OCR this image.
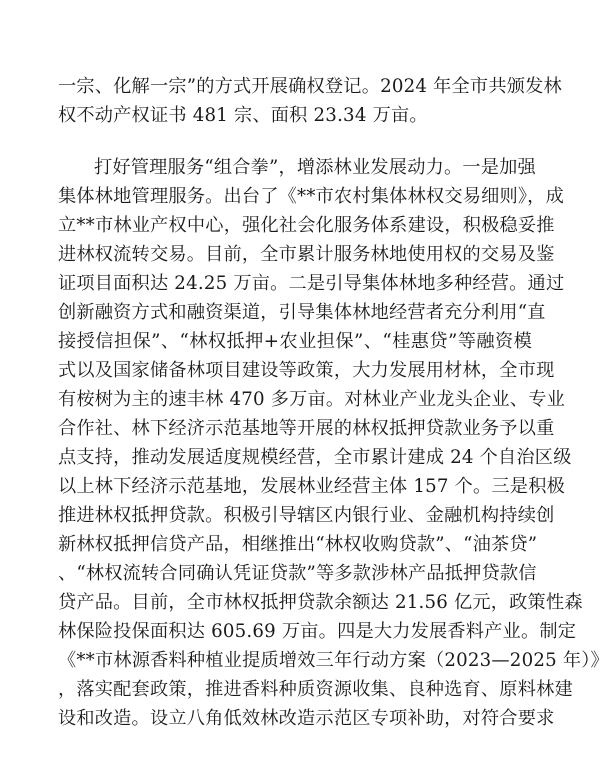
一宗、化解一宗”的方式开展确权登记。2024 年全市共颁发林
权不动产权证书 481 宗、面积 23.34 万亩。
打好管理服务“组合拳”，增添林业发展动力。一是加强
集体林地管理服务。出台了《**市农村集体林权交易细则》，成
立**市林业产权中心，强化社会化服务体系建设，积极稳妥推
进林权流转交易。目前，全市累计服务林地使用权的交易及鉴
证项目面积达 24.25 万亩。二是引导集体林地多种经营。通过
创新融资方式和融资渠道，引导集体林地经营者充分利用“直
接授信担保”、“林权抵押+农业担保”、“桂惠贷”等融资模
式以及国家储备林项目建设等政策，大力发展用材林，全市现
有桉树为主的速丰林 470 多万亩。对林业产业龙头企业、专业
合作社、林下经济示范基地等开展的林权抵押贷款业务予以重
点支持，推动发展适度规模经营，全市累计建成 24 个自治区级
以上林下经济示范基地，发展林业经营主体 157 个。三是积极
推进林权抵押贷款。积极引导辖区内银行业、金融机构持续创
新林权抵押信贷产品，相继推出“林权收购贷款”、“油茶贷”
、“林权流转合同确认凭证贷款”等多款涉林产品抵押贷款信
贷产品。目前，全市林权抵押贷款余额达 21.56 亿元，政策性森
林保险投保面积达 605.69 万亩。四是大力发展香料产业。制定
《**市林源香料种植业提质增效三年行动方案（2023—2025 年）》
，落实配套政策，推进香料种质资源收集、良种选育、原料林建
设和改造。设立八角低效林改造示范区专项补助，对符合要求
